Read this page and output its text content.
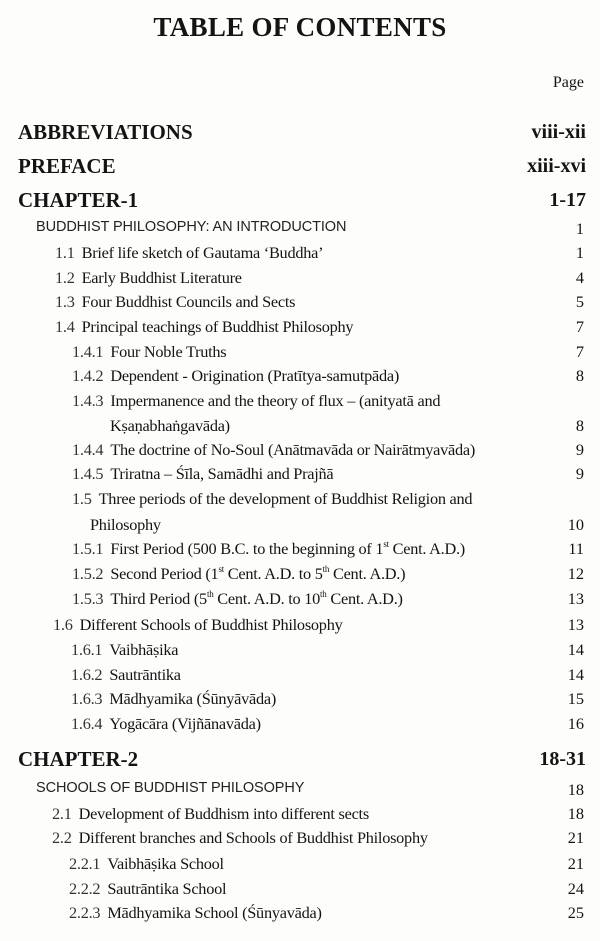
TABLE OF CONTENTS
Page
ABBREVIATIONS	viii-xii
PREFACE	xiii-xvi
CHAPTER-1	1-17
BUDDHIST PHILOSOPHY: AN INTRODUCTION	1
1.1 Brief life sketch of Gautama ‘Buddha’	1
1.2 Early Buddhist Literature	4
1.3 Four Buddhist Councils and Sects	5
1.4 Principal teachings of Buddhist Philosophy	7
1.4.1 Four Noble Truths	7
1.4.2 Dependent - Origination (Pratītya-samutpāda)	8
1.4.3 Impermanence and the theory of flux – (anityatā and
Kṣaṇabhaṅgavāda)	8
1.4.4 The doctrine of No-Soul (Anātmavāda or Nairātmyavāda)	9
1.4.5 Triratna – Śīla, Samādhi and Prajñā	9
1.5 Three periods of the development of Buddhist Religion and
Philosophy	10
1.5.1 First Period (500 B.C. to the beginning of 1st Cent. A.D.)	11
1.5.2 Second Period (1st Cent. A.D. to 5th Cent. A.D.)	12
1.5.3 Third Period (5th Cent. A.D. to 10th Cent. A.D.)	13
1.6 Different Schools of Buddhist Philosophy	13
1.6.1 Vaibhāṣika	14
1.6.2 Sautrāntika	14
1.6.3 Mādhyamika (Śūnyāvāda)	15
1.6.4 Yogācāra (Vijñānavāda)	16
CHAPTER-2	18-31
SCHOOLS OF BUDDHIST PHILOSOPHY	18
2.1 Development of Buddhism into different sects	18
2.2 Different branches and Schools of Buddhist Philosophy	21
2.2.1 Vaibhāṣika School	21
2.2.2 Sautrāntika School	24
2.2.3 Mādhyamika School (Śūnyavāda)	25
